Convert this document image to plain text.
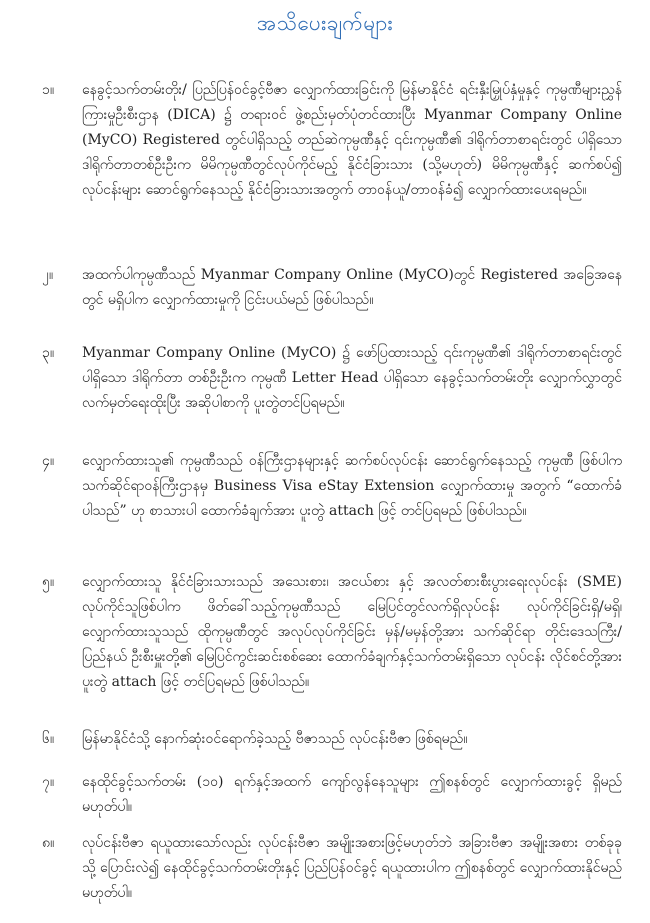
အသိပေးချက်များ
၁။	နေခွင့်သက်တမ်းတိုး/ ပြည်ပြန်ဝင်ခွင့်ဗီဇာ လျှောက်ထားခြင်းကို မြန်မာနိုင်ငံ ရင်းနှီးမြှုပ်နှံမှုနှင့် ကုမ္ပဏီများညွှန်ကြားမှုဦးစီးဌာန (DICA) ၌ တရားဝင် ဖွဲ့စည်းမှတ်ပုံတင်ထားပြီး Myanmar Company Online (MyCO) Registered တွင်ပါရှိသည့် တည်ဆဲကုမ္ပဏီနှင့် ၎င်းကုမ္ပဏီ၏ ဒါရိုက်တာစာရင်းတွင် ပါရှိသော ဒါရိုက်တာတစ်ဦးဦးက မိမိကုမ္ပဏီတွင်လုပ်ကိုင်မည့် နိုင်ငံခြားသား (သို့မဟုတ်) မိမိကုမ္ပဏီနှင့် ဆက်စပ်၍ လုပ်ငန်းများ ဆောင်ရွက်နေသည့် နိုင်ငံခြားသားအတွက် တာဝန်ယူ/တာဝန်ခံ၍ လျှောက်ထားပေးရမည်။
၂။	အထက်ပါကုမ္ပဏီသည် Myanmar Company Online (MyCO)တွင် Registered အခြေအနေတွင် မရှိပါက လျှောက်ထားမှုကို ငြင်းပယ်မည် ဖြစ်ပါသည်။
၃။	Myanmar Company Online (MyCO) ၌ ဖော်ပြထားသည့် ၎င်းကုမ္ပဏီ၏ ဒါရိုက်တာစာရင်းတွင် ပါရှိသော ဒါရိုက်တာ တစ်ဦးဦးက ကုမ္ပဏီ Letter Head ပါရှိသော နေခွင့်သက်တမ်းတိုး လျှောက်လွှာတွင် လက်မှတ်ရေးထိုးပြီး အဆိုပါစာကို ပူးတွဲတင်ပြရမည်။
၄။	လျှောက်ထားသူ၏ ကုမ္ပဏီသည် ဝန်ကြီးဌာနများနှင့် ဆက်စပ်လုပ်ငန်း ဆောင်ရွက်နေသည့် ကုမ္ပဏီ ဖြစ်ပါက သက်ဆိုင်ရာဝန်ကြီးဌာနမှ Business Visa eStay Extension လျှောက်ထားမှု အတွက် “ထောက်ခံပါသည်” ဟု စာသားပါ ထောက်ခံချက်အား ပူးတွဲ attach ဖြင့် တင်ပြရမည် ဖြစ်ပါသည်။
၅။	လျှောက်ထားသူ နိုင်ငံခြားသားသည် အသေးစား၊ အငယ်စား နှင့် အလတ်စားစီးပွားရေးလုပ်ငန်း (SME) လုပ်ကိုင်သူဖြစ်ပါက ဖိတ်ခေါ်သည့်ကုမ္ပဏီသည် မြေပြင်တွင်လက်ရှိလုပ်ငန်း လုပ်ကိုင်ခြင်းရှိ/မရှိ၊ လျှောက်ထားသူသည် ထိုကုမ္ပဏီတွင် အလုပ်လုပ်ကိုင်ခြင်း မှန်/မမှန်တို့အား သက်ဆိုင်ရာ တိုင်းဒေသကြီး/ပြည်နယ် ဦးစီးမှူးတို့၏ မြေပြင်ကွင်းဆင်းစစ်ဆေး ထောက်ခံချက်နှင့်သက်တမ်းရှိသော လုပ်ငန်း လိုင်စင်တို့အား ပူးတွဲ attach ဖြင့် တင်ပြရမည် ဖြစ်ပါသည်။
၆။	မြန်မာနိုင်ငံသို့ နောက်ဆုံးဝင်ရောက်ခဲ့သည့် ဗီဇာသည် လုပ်ငန်းဗီဇာ ဖြစ်ရမည်။
၇။	နေထိုင်ခွင့်သက်တမ်း (၁၀) ရက်နှင့်အထက် ကျော်လွန်နေသူများ ဤစနစ်တွင် လျှောက်ထားခွင့် ရှိမည် မဟုတ်ပါ။
၈။	လုပ်ငန်းဗီဇာ ရယူထားသော်လည်း လုပ်ငန်းဗီဇာ အမျိုးအစားဖြင့်မဟုတ်ဘဲ အခြားဗီဇာ အမျိုးအစား တစ်ခုခုသို့ ပြောင်းလဲ၍ နေထိုင်ခွင့်သက်တမ်းတိုးနှင့် ပြည်ပြန်ဝင်ခွင့် ရယူထားပါက ဤစနစ်တွင် လျှောက်ထားနိုင်မည် မဟုတ်ပါ။
